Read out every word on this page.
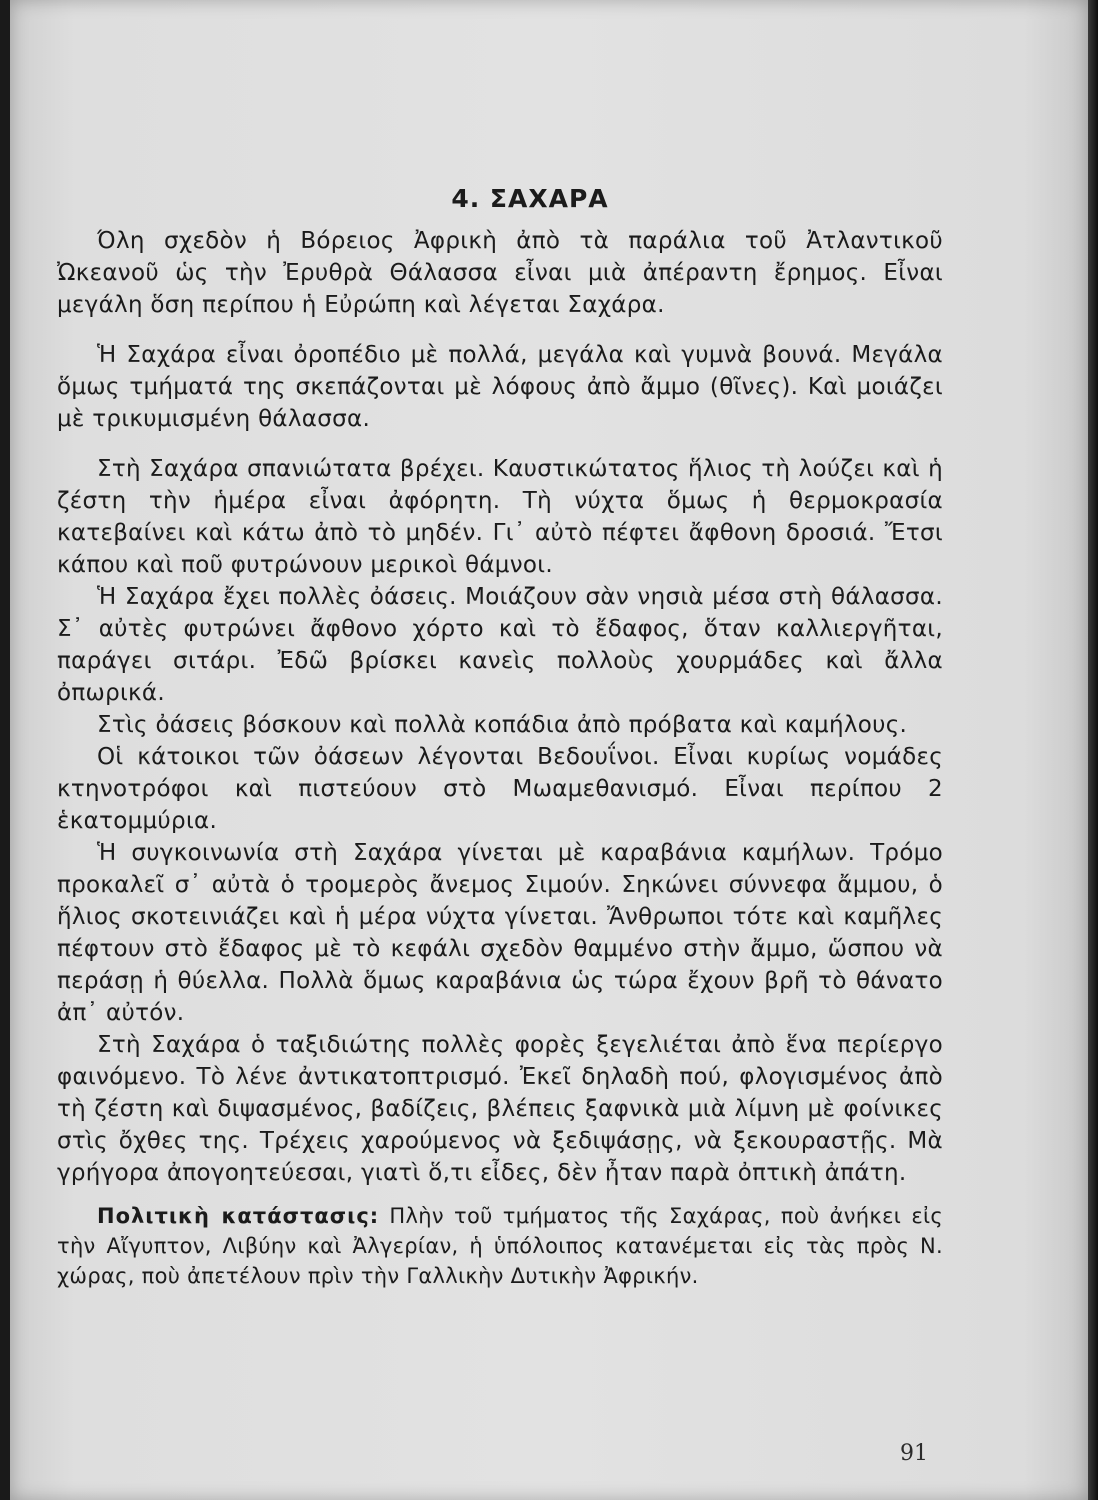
4. ΣΑΧΑΡΑ

Όλη σχεδὸν ἡ Βόρειος Ἀφρικὴ ἀπὸ τὰ παράλια τοῦ Ἀτλαντικοῦ Ὠκεανοῦ ὡς τὴν Ἐρυθρὰ Θάλασσα εἶναι μιὰ ἀπέραντη ἔρημος. Εἶναι μεγάλη ὅση περίπου ἡ Εὐρώπη καὶ λέγεται Σαχάρα.

Ἡ Σαχάρα εἶναι ὀροπέδιο μὲ πολλά, μεγάλα καὶ γυμνὰ βουνά. Μεγάλα ὅμως τμήματά της σκεπάζονται μὲ λόφους ἀπὸ ἄμμο (θῖνες). Καὶ μοιάζει μὲ τρικυμισμένη θάλασσα.

Στὴ Σαχάρα σπανιώτατα βρέχει. Καυστικώτατος ἥλιος τὴ λούζει καὶ ἡ ζέστη τὴν ἡμέρα εἶναι ἀφόρητη. Τὴ νύχτα ὅμως ἡ θερμοκρασία κατεβαίνει καὶ κάτω ἀπὸ τὸ μηδέν. Γι᾽ αὐτὸ πέφτει ἄφθονη δροσιά. Ἔτσι κάπου καὶ ποῦ φυτρώνουν μερικοὶ θάμνοι.

Ἡ Σαχάρα ἔχει πολλὲς ὀάσεις. Μοιάζουν σὰν νησιὰ μέσα στὴ θάλασσα. Σ᾽ αὐτὲς φυτρώνει ἄφθονο χόρτο καὶ τὸ ἔδαφος, ὅταν καλλιεργῆται, παράγει σιτάρι. Ἐδῶ βρίσκει κανεὶς πολλοὺς χουρμάδες καὶ ἄλλα ὀπωρικά.

Στὶς ὀάσεις βόσκουν καὶ πολλὰ κοπάδια ἀπὸ πρόβατα καὶ καμήλους.

Οἱ κάτοικοι τῶν ὀάσεων λέγονται Βεδουΐνοι. Εἶναι κυρίως νομάδες κτηνοτρόφοι καὶ πιστεύουν στὸ Μωαμεθανισμό. Εἶναι περίπου 2 ἑκατομμύρια.

Ἡ συγκοινωνία στὴ Σαχάρα γίνεται μὲ καραβάνια καμήλων. Τρόμο προκαλεῖ σ᾽ αὐτὰ ὁ τρομερὸς ἄνεμος Σιμούν. Σηκώνει σύννεφα ἄμμου, ὁ ἥλιος σκοτεινιάζει καὶ ἡ μέρα νύχτα γίνεται. Ἄνθρωποι τότε καὶ καμῆλες πέφτουν στὸ ἔδαφος μὲ τὸ κεφάλι σχεδὸν θαμμένο στὴν ἄμμο, ὥσπου νὰ περάσῃ ἡ θύελλα. Πολλὰ ὅμως καραβάνια ὡς τώρα ἔχουν βρῆ τὸ θάνατο ἀπ᾽ αὐτόν.

Στὴ Σαχάρα ὁ ταξιδιώτης πολλὲς φορὲς ξεγελιέται ἀπὸ ἕνα περίεργο φαινόμενο. Τὸ λένε ἀντικατοπτρισμό. Ἐκεῖ δηλαδὴ πού, φλογισμένος ἀπὸ τὴ ζέστη καὶ διψασμένος, βαδίζεις, βλέπεις ξαφνικὰ μιὰ λίμνη μὲ φοίνικες στὶς ὄχθες της. Τρέχεις χαρούμενος νὰ ξεδιψάσῃς, νὰ ξεκουραστῇς. Μὰ γρήγορα ἀπογοητεύεσαι, γιατὶ ὅ,τι εἶδες, δὲν ἦταν παρὰ ὀπτικὴ ἀπάτη.

Πολιτικὴ κατάστασις: Πλὴν τοῦ τμήματος τῆς Σαχάρας, ποὺ ἀνήκει εἰς τὴν Αἴγυπτον, Λιβύην καὶ Ἀλγερίαν, ἡ ὑπόλοιπος κατανέμεται εἰς τὰς πρὸς Ν. χώρας, ποὺ ἀπετέλουν πρὶν τὴν Γαλλικὴν Δυτικὴν Ἀφρικήν.

91
